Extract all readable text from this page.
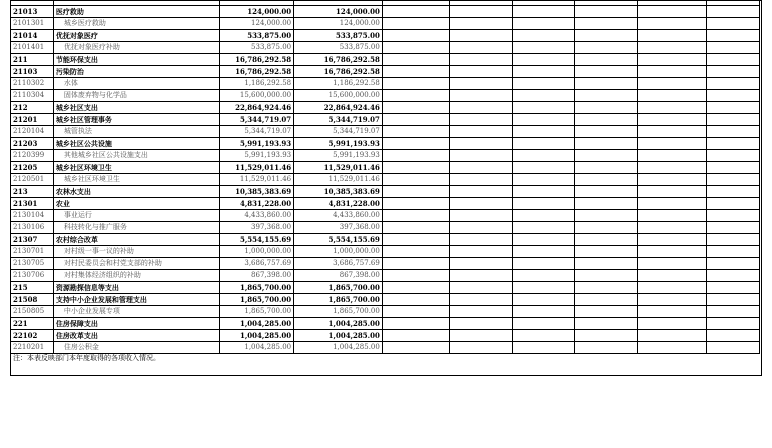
21013	医疗救助	124,000.00	124,000.00						
2101301	城乡医疗救助	124,000.00	124,000.00						
21014	优抚对象医疗	533,875.00	533,875.00						
2101401	优抚对象医疗补助	533,875.00	533,875.00						
211	节能环保支出	16,786,292.58	16,786,292.58						
21103	污染防治	16,786,292.58	16,786,292.58						
2110302	水体	1,186,292.58	1,186,292.58						
2110304	固体废弃物与化学品	15,600,000.00	15,600,000.00						
212	城乡社区支出	22,864,924.46	22,864,924.46						
21201	城乡社区管理事务	5,344,719.07	5,344,719.07						
2120104	城管执法	5,344,719.07	5,344,719.07						
21203	城乡社区公共设施	5,991,193.93	5,991,193.93						
2120399	其他城乡社区公共设施支出	5,991,193.93	5,991,193.93						
21205	城乡社区环境卫生	11,529,011.46	11,529,011.46						
2120501	城乡社区环境卫生	11,529,011.46	11,529,011.46						
213	农林水支出	10,385,383.69	10,385,383.69						
21301	农业	4,831,228.00	4,831,228.00						
2130104	事业运行	4,433,860.00	4,433,860.00						
2130106	科技转化与推广服务	397,368.00	397,368.00						
21307	农村综合改革	5,554,155.69	5,554,155.69						
2130701	对村级一事一议的补助	1,000,000.00	1,000,000.00						
2130705	对村民委员会和村党支部的补助	3,686,757.69	3,686,757.69						
2130706	对村集体经济组织的补助	867,398.00	867,398.00						
215	资源勘探信息等支出	1,865,700.00	1,865,700.00						
21508	支持中小企业发展和管理支出	1,865,700.00	1,865,700.00						
2150805	中小企业发展专项	1,865,700.00	1,865,700.00						
221	住房保障支出	1,004,285.00	1,004,285.00						
22102	住房改革支出	1,004,285.00	1,004,285.00						
2210201	住房公积金	1,004,285.00	1,004,285.00						
注：本表反映部门本年度取得的各项收入情况。
